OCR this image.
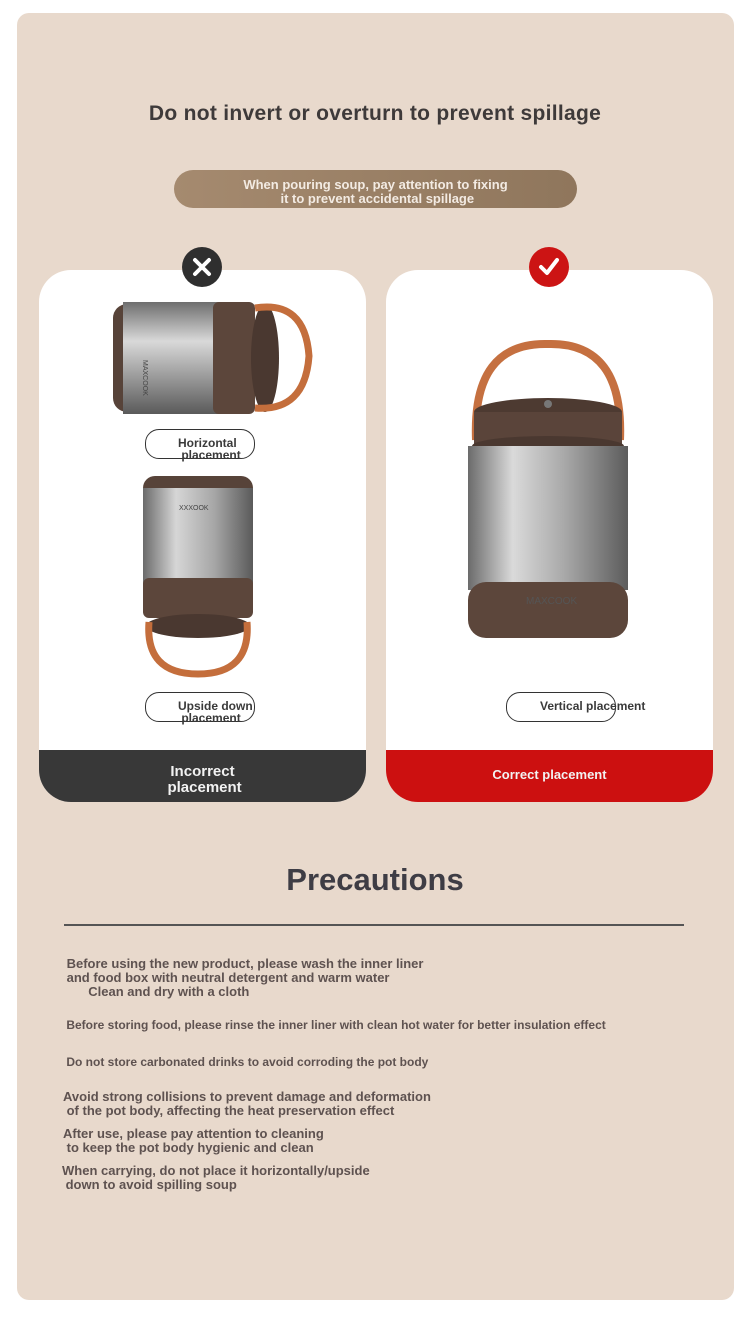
Do not invert or overturn to prevent spillage
When pouring soup, pay attention to fixing
it to prevent accidental spillage
MAXCOOK
Horizontal
placement
XXXOOK
Upside down
placement
Incorrect
placement
MAXCOOK
Vertical placement
Correct placement
Precautions
Before using the new product, please wash the inner liner
and food box with neutral detergent and warm water
Clean and dry with a cloth
Before storing food, please rinse the inner liner with clean hot water for better insulation effect
Do not store carbonated drinks to avoid corroding the pot body
Avoid strong collisions to prevent damage and deformation
of the pot body, affecting the heat preservation effect
After use, please pay attention to cleaning
to keep the pot body hygienic and clean
When carrying, do not place it horizontally/upside
down to avoid spilling soup
